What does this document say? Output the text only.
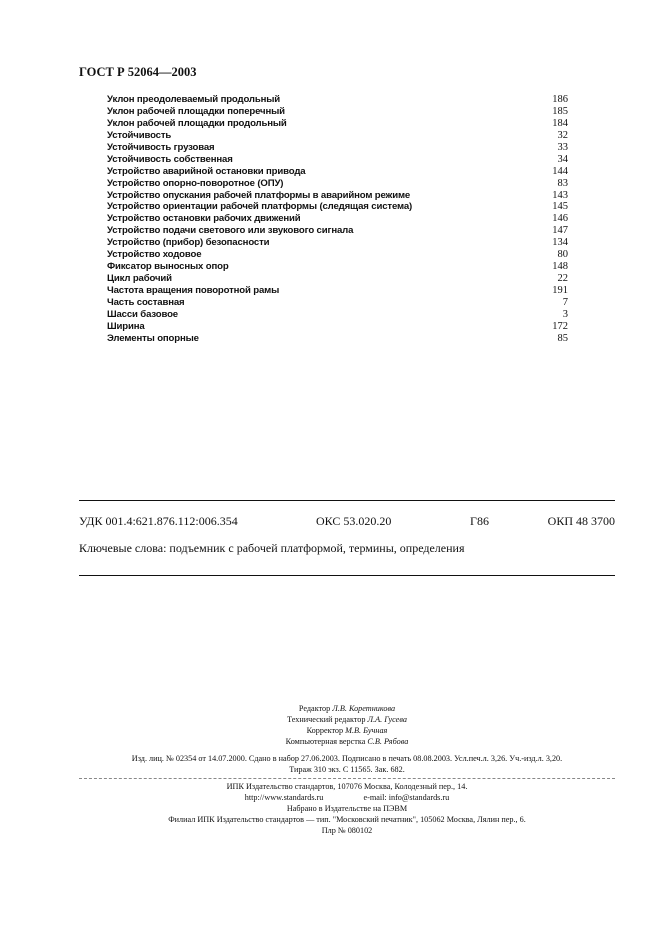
ГОСТ Р 52064—2003
Уклон преодолеваемый продольный	186
Уклон рабочей площадки поперечный	185
Уклон рабочей площадки продольный	184
Устойчивость	32
Устойчивость грузовая	33
Устойчивость собственная	34
Устройство аварийной остановки привода	144
Устройство опорно-поворотное (ОПУ)	83
Устройство опускания рабочей платформы в аварийном режиме	143
Устройство ориентации рабочей платформы (следящая система)	145
Устройство остановки рабочих движений	146
Устройство подачи светового или звукового сигнала	147
Устройство (прибор) безопасности	134
Устройство ходовое	80
Фиксатор выносных опор	148
Цикл рабочий	22
Частота вращения поворотной рамы	191
Часть составная	7
Шасси базовое	3
Ширина	172
Элементы опорные	85
УДК 001.4:621.876.112:006.354	ОКС 53.020.20	Г86	ОКП 48 3700
Ключевые слова: подъемник с рабочей платформой, термины, определения
Редактор Л.В. Коретникова
Технический редактор Л.А. Гусева
Корректор М.В. Бучная
Компьютерная верстка С.В. Рябова
Изд. лиц. № 02354 от 14.07.2000. Сдано в набор 27.06.2003. Подписано в печать 08.08.2003. Усл.печ.л. 3,26. Уч.-изд.л. 3,20.
Тираж 310 экз. С 11565. Зак. 682.
ИПК Издательство стандартов, 107076 Москва, Колодезный пер., 14.
http://www.standards.ru	e-mail: info@standards.ru
Набрано в Издательстве на ПЭВМ
Филиал ИПК Издательство стандартов — тип. "Московский печатник", 105062 Москва, Лялин пер., 6.
Плр № 080102
